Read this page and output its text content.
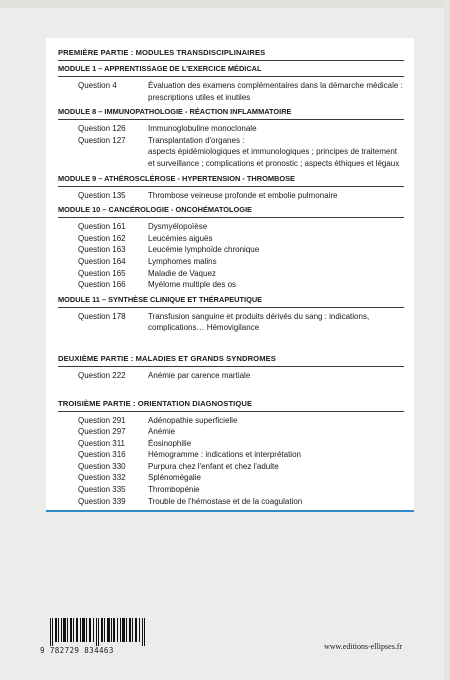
PREMIÈRE PARTIE : MODULES TRANSDISCIPLINAIRES

MODULE 1 – APPRENTISSAGE DE L'EXERCICE MÉDICAL

Question 4	Évaluation des examens complémentaires dans la démarche médicale :
prescriptions utiles et inutiles

MODULE 8 – IMMUNOPATHOLOGIE - RÉACTION INFLAMMATOIRE

Question 126	Immunoglobuline monoclonale
Question 127	Transplantation d'organes :
aspects épidémiologiques et immunologiques ; principes de traitement
et surveillance ; complications et pronostic ; aspects éthiques et légaux

MODULE 9 – ATHÉROSCLÉROSE - HYPERTENSION - THROMBOSE

Question 135	Thrombose veineuse profonde et embolie pulmonaire

MODULE 10 – CANCÉROLOGIE - ONCOHÉMATOLOGIE

Question 161	Dysmyélopoïèse
Question 162	Leucémies aiguës
Question 163	Leucémie lymphoïde chronique
Question 164	Lymphomes malins
Question 165	Maladie de Vaquez
Question 166	Myélome multiple des os

MODULE 11 – SYNTHÈSE CLINIQUE ET THÉRAPEUTIQUE

Question 178	Transfusion sanguine et produits dérivés du sang : indications,
complications… Hémovigilance

DEUXIÈME PARTIE : MALADIES ET GRANDS SYNDROMES

Question 222	Anémie par carence martiale

TROISIÈME PARTIE : ORIENTATION DIAGNOSTIQUE

Question 291	Adénopathie superficielle
Question 297	Anémie
Question 311	Éosinophilie
Question 316	Hémogramme : indications et interprétation
Question 330	Purpura chez l'enfant et chez l'adulte
Question 332	Splénomégalie
Question 335	Thrombopénie
Question 339	Trouble de l'hémostase et de la coagulation
9 782729 834463	www.editions-ellipses.fr
